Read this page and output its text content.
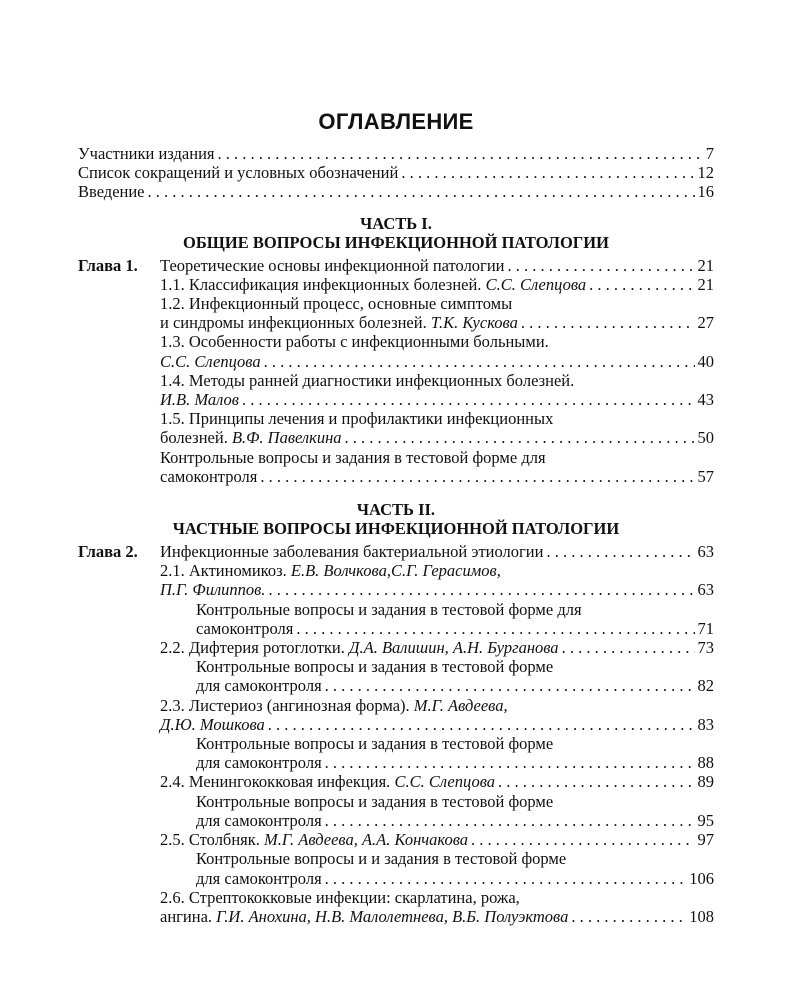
ОГЛАВЛЕНИЕ
Участники издания . . .	7
Список сокращений и условных обозначений . . .	12
Введение . . .	16
ЧАСТЬ I.
ОБЩИЕ ВОПРОСЫ ИНФЕКЦИОННОЙ ПАТОЛОГИИ
Глава 1.	Теоретические основы инфекционной патологии . . .	21
1.1. Классификация инфекционных болезней. С.С. Слепцова . . .	21
1.2. Инфекционный процесс, основные симптомы
и синдромы инфекционных болезней. Т.К. Кускова . . .	27
1.3. Особенности работы с инфекционными больными.
С.С. Слепцова . . .	40
1.4. Методы ранней диагностики инфекционных болезней.
И.В. Малов . . .	43
1.5. Принципы лечения и профилактики инфекционных
болезней. В.Ф. Павелкина . . .	50
Контрольные вопросы и задания в тестовой форме для
самоконтроля . . .	57
ЧАСТЬ II.
ЧАСТНЫЕ ВОПРОСЫ ИНФЕКЦИОННОЙ ПАТОЛОГИИ
Глава 2.	Инфекционные заболевания бактериальной этиологии . . .	63
2.1. Актиномикоз. Е.В. Волчкова,С.Г. Герасимов,
П.Г. Филиппов. . . .	63
Контрольные вопросы и задания в тестовой форме для
самоконтроля . . .	71
2.2. Дифтерия ротоглотки. Д.А. Валишин, А.Н. Бурганова . . .	73
Контрольные вопросы и задания в тестовой форме
для самоконтроля . . .	82
2.3. Листериоз (ангинозная форма). М.Г. Авдеева,
Д.Ю. Мошкова . . .	83
Контрольные вопросы и задания в тестовой форме
для самоконтроля . . .	88
2.4. Менингококковая инфекция. С.С. Слепцова . . .	89
Контрольные вопросы и задания в тестовой форме
для самоконтроля . . .	95
2.5. Столбняк. М.Г. Авдеева, А.А. Кончакова . . .	97
Контрольные вопросы и и задания в тестовой форме
для самоконтроля . . .	106
2.6. Стрептококковые инфекции: скарлатина, рожа,
ангина. Г.И. Анохина, Н.В. Малолетнева, В.Б. Полуэктова . . .	108
